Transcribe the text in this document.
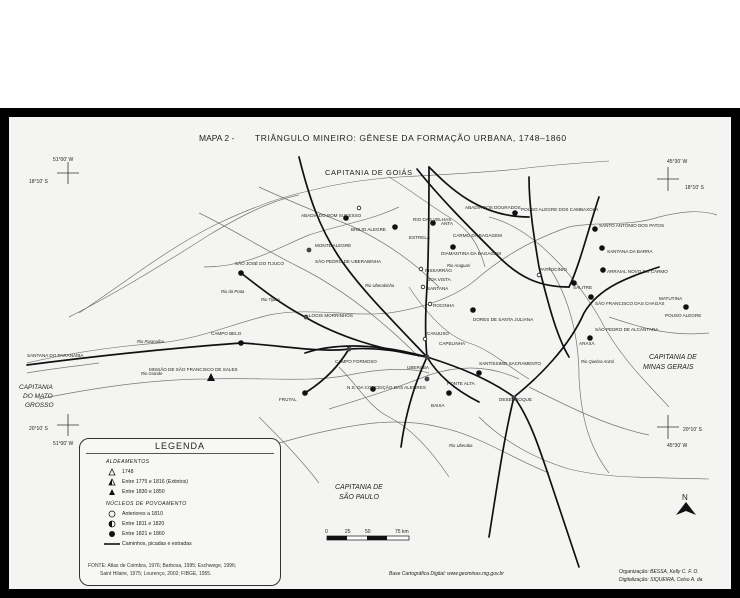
MAPA 2 - TRIÂNGULO MINEIRO: GÊNESE DA FORMAÇÃO URBANA, 1748–1860
51°00' W
18°10' S
45°30' W
18°10' S
20°10' S
51°00' W
20°10' S
45°30' W
CAPITANIA DE GOIÁS
CAPITANIA
DO MATO
GROSSO
CAPITANIA DE
SÃO PAULO
CAPITANIA DE
MINAS GERAIS
ABADIA DO BOM SUCESSO
MONTE ALEGRE
SÃO PEDRO DE UBERABINHA
BREJO ALEGRE
RIO DAS VELHAS
ESTRELA
ANTA
ABADIA DOS DOURADOS POUSO ALEGRE DOS CAMBAXOLA
CARMO DA BAGAGEM
DIAMANTINA DA BAGAGEM
PISSARRÃO
BOA VISTA
SANTANA
ROCINHA
DORES DE SANTA JULIANA
SÃO JOSÉ DO TIJUCO
PATROCÍNIO
SANTO ANTÔNIO DOS PATOS
SANTANA DA BARRA
ARRAIAL NOVO DO CARMO
SALITRE
POUSO ALEGRE
MATUTINA
SÃO FRANCISCO DAS CHAGAS
SÃO PEDRO DE ALCÂNTARA
ARAXÁ
CAMPO BELO
MISSÃO DE SÃO FRANCISCO DE SALES
CAMPO FORMOSO
FRUTAL
N.S. DA CONCEIÇÃO DAS ALEGRES
UBERABA
CAPELINHA
CANJUSO
PONTE ALTA
SANTÍSSIMO SACRAMENTO
DESEMBOQUE
BAIXA
LOGIS MORRINHOS
SANTANA DO PARANAÍBA
Rio Paranaíba
Rio Grande
Rio Tijuco
Rio da Prata
Rio Araguari
Rio Uberabinha
Rio Quebra Anzol
Rio Uberaba
0	25	50	75 km
N
Base Cartográfica Digital: www.geominas.mg.gov.br	Organização: BESSA, Kelly C. F. O.
Digitalização: SIQUEIRA, Celso A. da
LEGENDA
ALDEAMENTOS
1748
Entre 1775 e 1816 (Extintos)
Entre 1830 e 1850
NÚCLEOS DE POVOAMENTO
Anteriores a 1810
Entre 1811 e 1820
Entre 1821 e 1860
Caminhos, picadas e estradas
FONTE: Atlas de Coimbra, 1976; Barbosa, 1995; Eschwege, 1996;
Saint Hilaire, 1975; Lourenço, 2002; FIBGE, 1955.
